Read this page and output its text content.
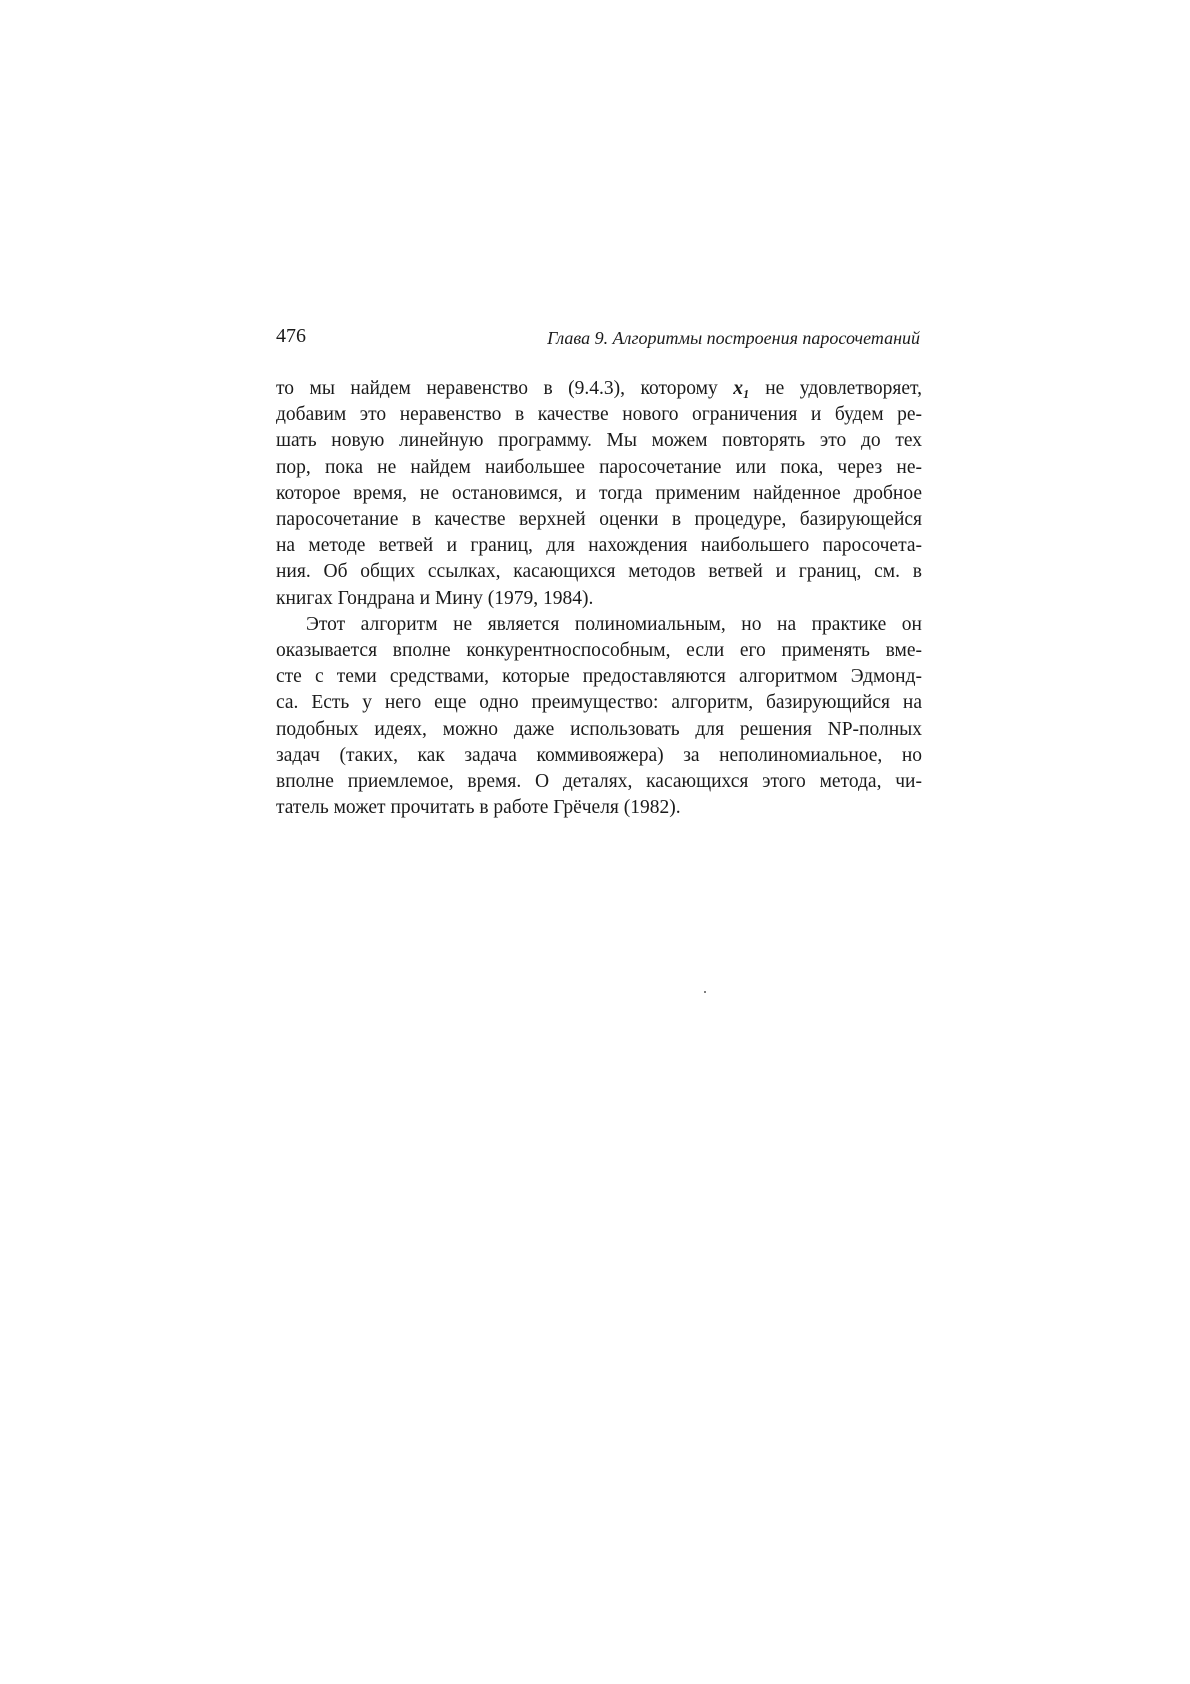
476	Глава 9. Алгоритмы построения паросочетаний
то мы найдем неравенство в (9.4.3), которому x₁ не удовлетворяет,
добавим это неравенство в качестве нового ограничения и будем ре-
шать новую линейную программу. Мы можем повторять это до тех
пор, пока не найдем наибольшее паросочетание или пока, через не-
которое время, не остановимся, и тогда применим найденное дробное
паросочетание в качестве верхней оценки в процедуре, базирующейся
на методе ветвей и границ, для нахождения наибольшего паросочета-
ния. Об общих ссылках, касающихся методов ветвей и границ, см. в
книгах Гондрана и Мину (1979, 1984).
Этот алгоритм не является полиномиальным, но на практике он
оказывается вполне конкурентноспособным, если его применять вме-
сте с теми средствами, которые предоставляются алгоритмом Эдмонд-
са. Есть у него еще одно преимущество: алгоритм, базирующийся на
подобных идеях, можно даже использовать для решения NP-полных
задач (таких, как задача коммивояжера) за неполиномиальное, но
вполне приемлемое, время. О деталях, касающихся этого метода, чи-
татель может прочитать в работе Грёчеля (1982).
